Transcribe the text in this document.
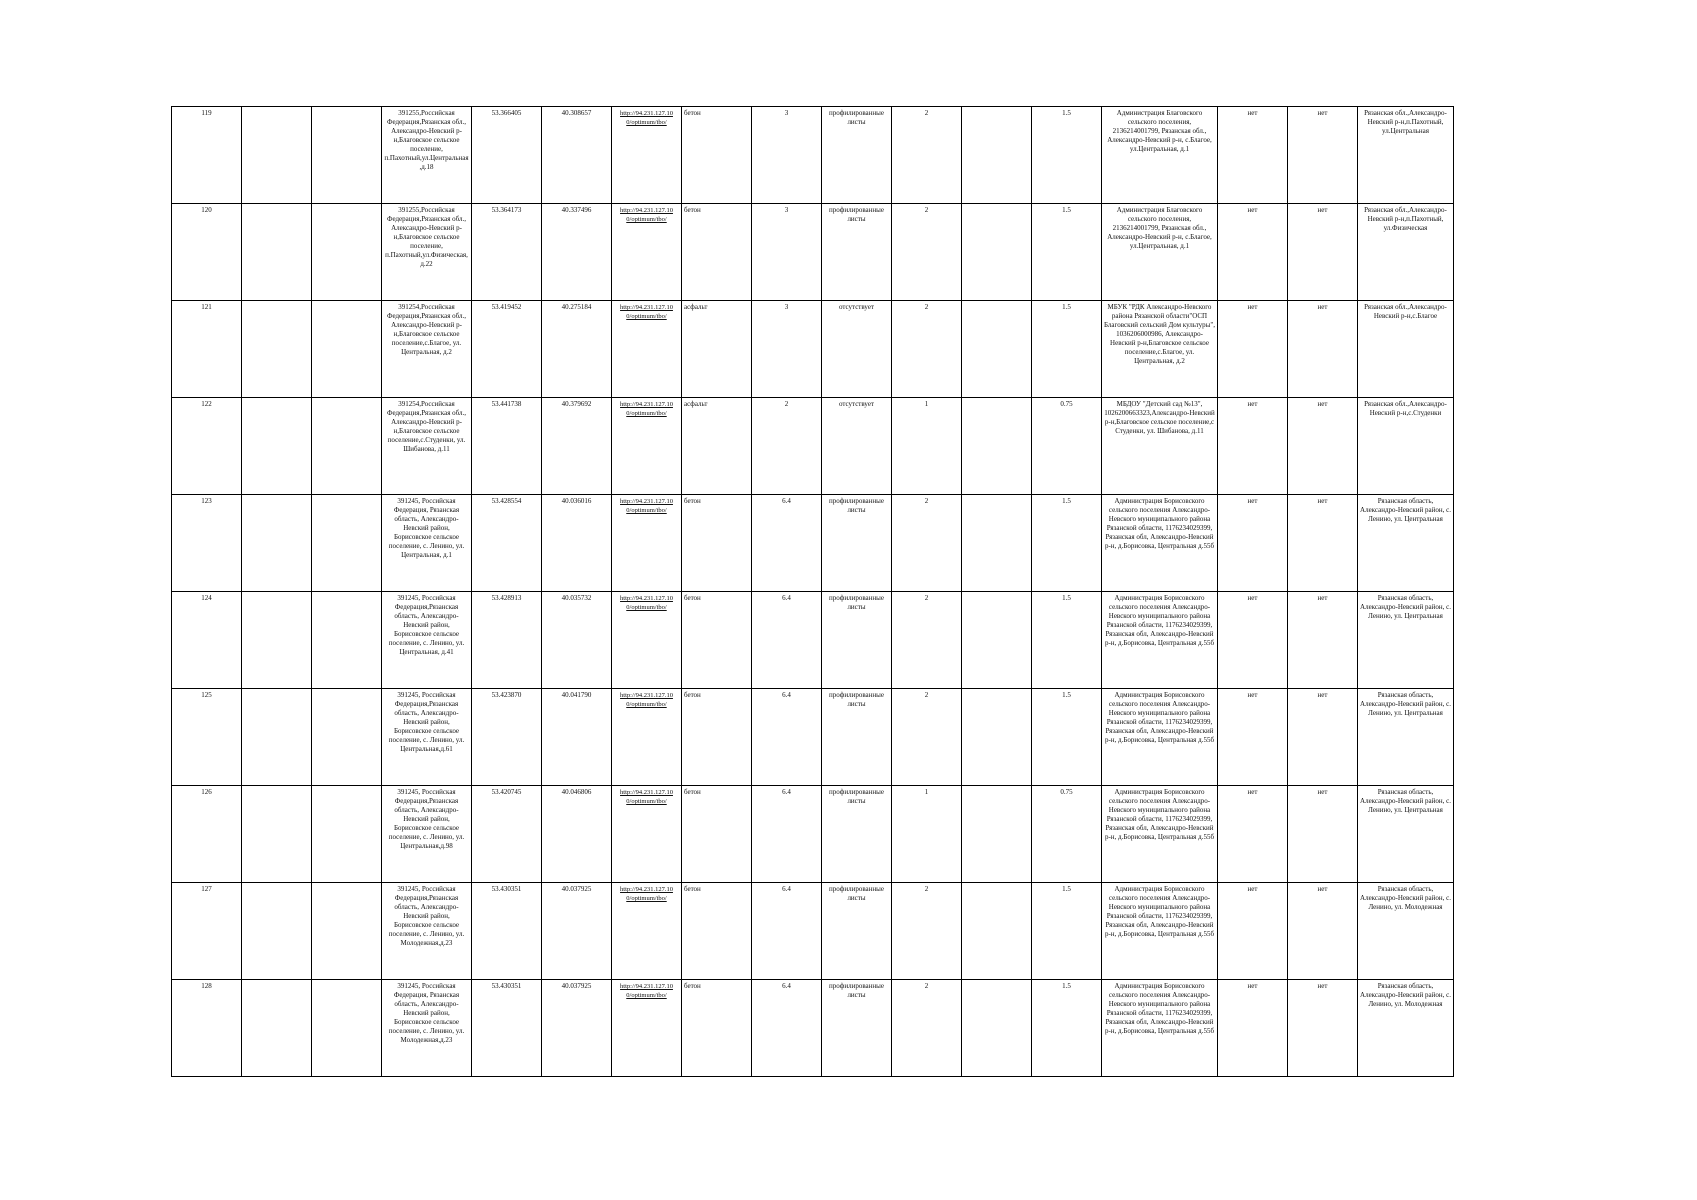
119			391255,Российская Федерация,Рязанская обл., Александро-Невский р-н,Благовское сельское поселение, п.Пахотный,ул.Центральная,д.18	53.366405	40.308657	http://94.231.127.10 0/optimum/tbo/	бетон	3	профилированные листы	2		1.5	Администрация Благовского сельского поселения, 2136214001799, Рязанская обл., Александро-Невский р-н, с.Благое, ул.Центральная, д.1	нет	нет	Рязанская обл.,Александро-Невский р-н,п.Пахотный, ул.Центральная
120			391255,Российская Федерация,Рязанская обл., Александро-Невский р-н,Благовское сельское поселение, п.Пахотный,ул.Физическая,д.22	53.364173	40.337496	http://94.231.127.10 0/optimum/tbo/	бетон	3	профилированные листы	2		1.5	Администрация Благовского сельского поселения, 2136214001799, Рязанская обл., Александро-Невский р-н, с.Благое, ул.Центральная, д.1	нет	нет	Рязанская обл.,Александро-Невский р-н,п.Пахотный, ул.Физическая
121			391254,Российская Федерация,Рязанская обл., Александро-Невский р-н,Благовское сельское поселение,с.Благое, ул. Центральная, д.2	53.419452	40.275184	http://94.231.127.10 0/optimum/tbo/	асфальт	3	отсутствует	2		1.5	МБУК "РДК Александро-Невского района Рязанской области"ОСП Благовский сельский Дом культуры", 1036206000986, Александро-Невский р-н,Благовское сельское поселение,с.Благое, ул. Центральная, д.2	нет	нет	Рязанская обл.,Александро-Невский р-н,с.Благое
122			391254,Российская Федерация,Рязанская обл., Александро-Невский р-н,Благовское сельское поселение,с.Студенки, ул. Шибанова, д.11	53.441738	40.379692	http://94.231.127.10 0/optimum/tbo/	асфальт	2	отсутствует	1		0.75	МБДОУ "Детский сад №13", 1026200663323,Александро-Невский р-н,Благовское сельское поселение,с Студенки, ул. Шибанова, д.11	нет	нет	Рязанская обл.,Александро-Невский р-н,с.Студенки
123			391245, Российская Федерация, Рязанская область, Александро-Невский район, Борисовское сельское поселение, с. Ленино, ул. Центральная, д.1	53.428554	40.036016	http://94.231.127.10 0/optimum/tbo/	бетон	6.4	профилированные листы	2		1.5	Администрация Борисовского сельского поселения Александро-Невского муниципального района Рязанской области, 1176234029399, Рязанская обл, Александро-Невский р-н, д.Борисовка, Центральная д.55б	нет	нет	Рязанская область, Александро-Невский район, с. Ленино, ул. Центральная
124			391245, Российская Федерация,Рязанская область, Александро-Невский район, Борисовское сельское поселение, с. Ленино, ул. Центральная, д.41	53.428913	40.035732	http://94.231.127.10 0/optimum/tbo/	бетон	6.4	профилированные листы	2		1.5	Администрация Борисовского сельского поселения Александро-Невского муниципального района Рязанской области, 1176234029399, Рязанская обл, Александро-Невский р-н, д.Борисовка, Центральная д.55б	нет	нет	Рязанская область, Александро-Невский район, с. Ленино, ул. Центральная
125			391245, Российская Федерация,Рязанская область, Александро-Невский район, Борисовское сельское поселение, с. Ленино, ул. Центральная,д.61	53.423870	40.041790	http://94.231.127.10 0/optimum/tbo/	бетон	6.4	профилированные листы	2		1.5	Администрация Борисовского сельского поселения Александро-Невского муниципального района Рязанской области, 1176234029399, Рязанская обл, Александро-Невский р-н, д.Борисовка, Центральная д.55б	нет	нет	Рязанская область, Александро-Невский район, с. Ленино, ул. Центральная
126			391245, Российская Федерация,Рязанская область, Александро-Невский район, Борисовское сельское поселение, с. Ленино, ул. Центральная,д.98	53.420745	40.046806	http://94.231.127.10 0/optimum/tbo/	бетон	6.4	профилированные листы	1		0.75	Администрация Борисовского сельского поселения Александро-Невского муниципального района Рязанской области, 1176234029399, Рязанская обл, Александро-Невский р-н, д.Борисовка, Центральная д.55б	нет	нет	Рязанская область, Александро-Невский район, с. Ленино, ул. Центральная
127			391245, Российская Федерация,Рязанская область, Александро-Невский район, Борисовское сельское поселение, с. Ленино, ул. Молодежная,д.23	53.430351	40.037925	http://94.231.127.10 0/optimum/tbo/	бетон	6.4	профилированные листы	2		1.5	Администрация Борисовского сельского поселения Александро-Невского муниципального района Рязанской области, 1176234029399, Рязанская обл, Александро-Невский р-н, д.Борисовка, Центральная д.55б	нет	нет	Рязанская область, Александро-Невский район, с. Ленино, ул. Молодежная
128			391245, Российская Федерация, Рязанская область, Александро-Невский район, Борисовское сельское поселение, с. Ленино, ул. Молодежная,д.23	53.430351	40.037925	http://94.231.127.10 0/optimum/tbo/	бетон	6.4	профилированные листы	2		1.5	Администрация Борисовского сельского поселения Александро-Невского муниципального района Рязанской области, 1176234029399, Рязанская обл, Александро-Невский р-н, д.Борисовка, Центральная д.55б	нет	нет	Рязанская область, Александро-Невский район, с. Ленино, ул. Молодежная
